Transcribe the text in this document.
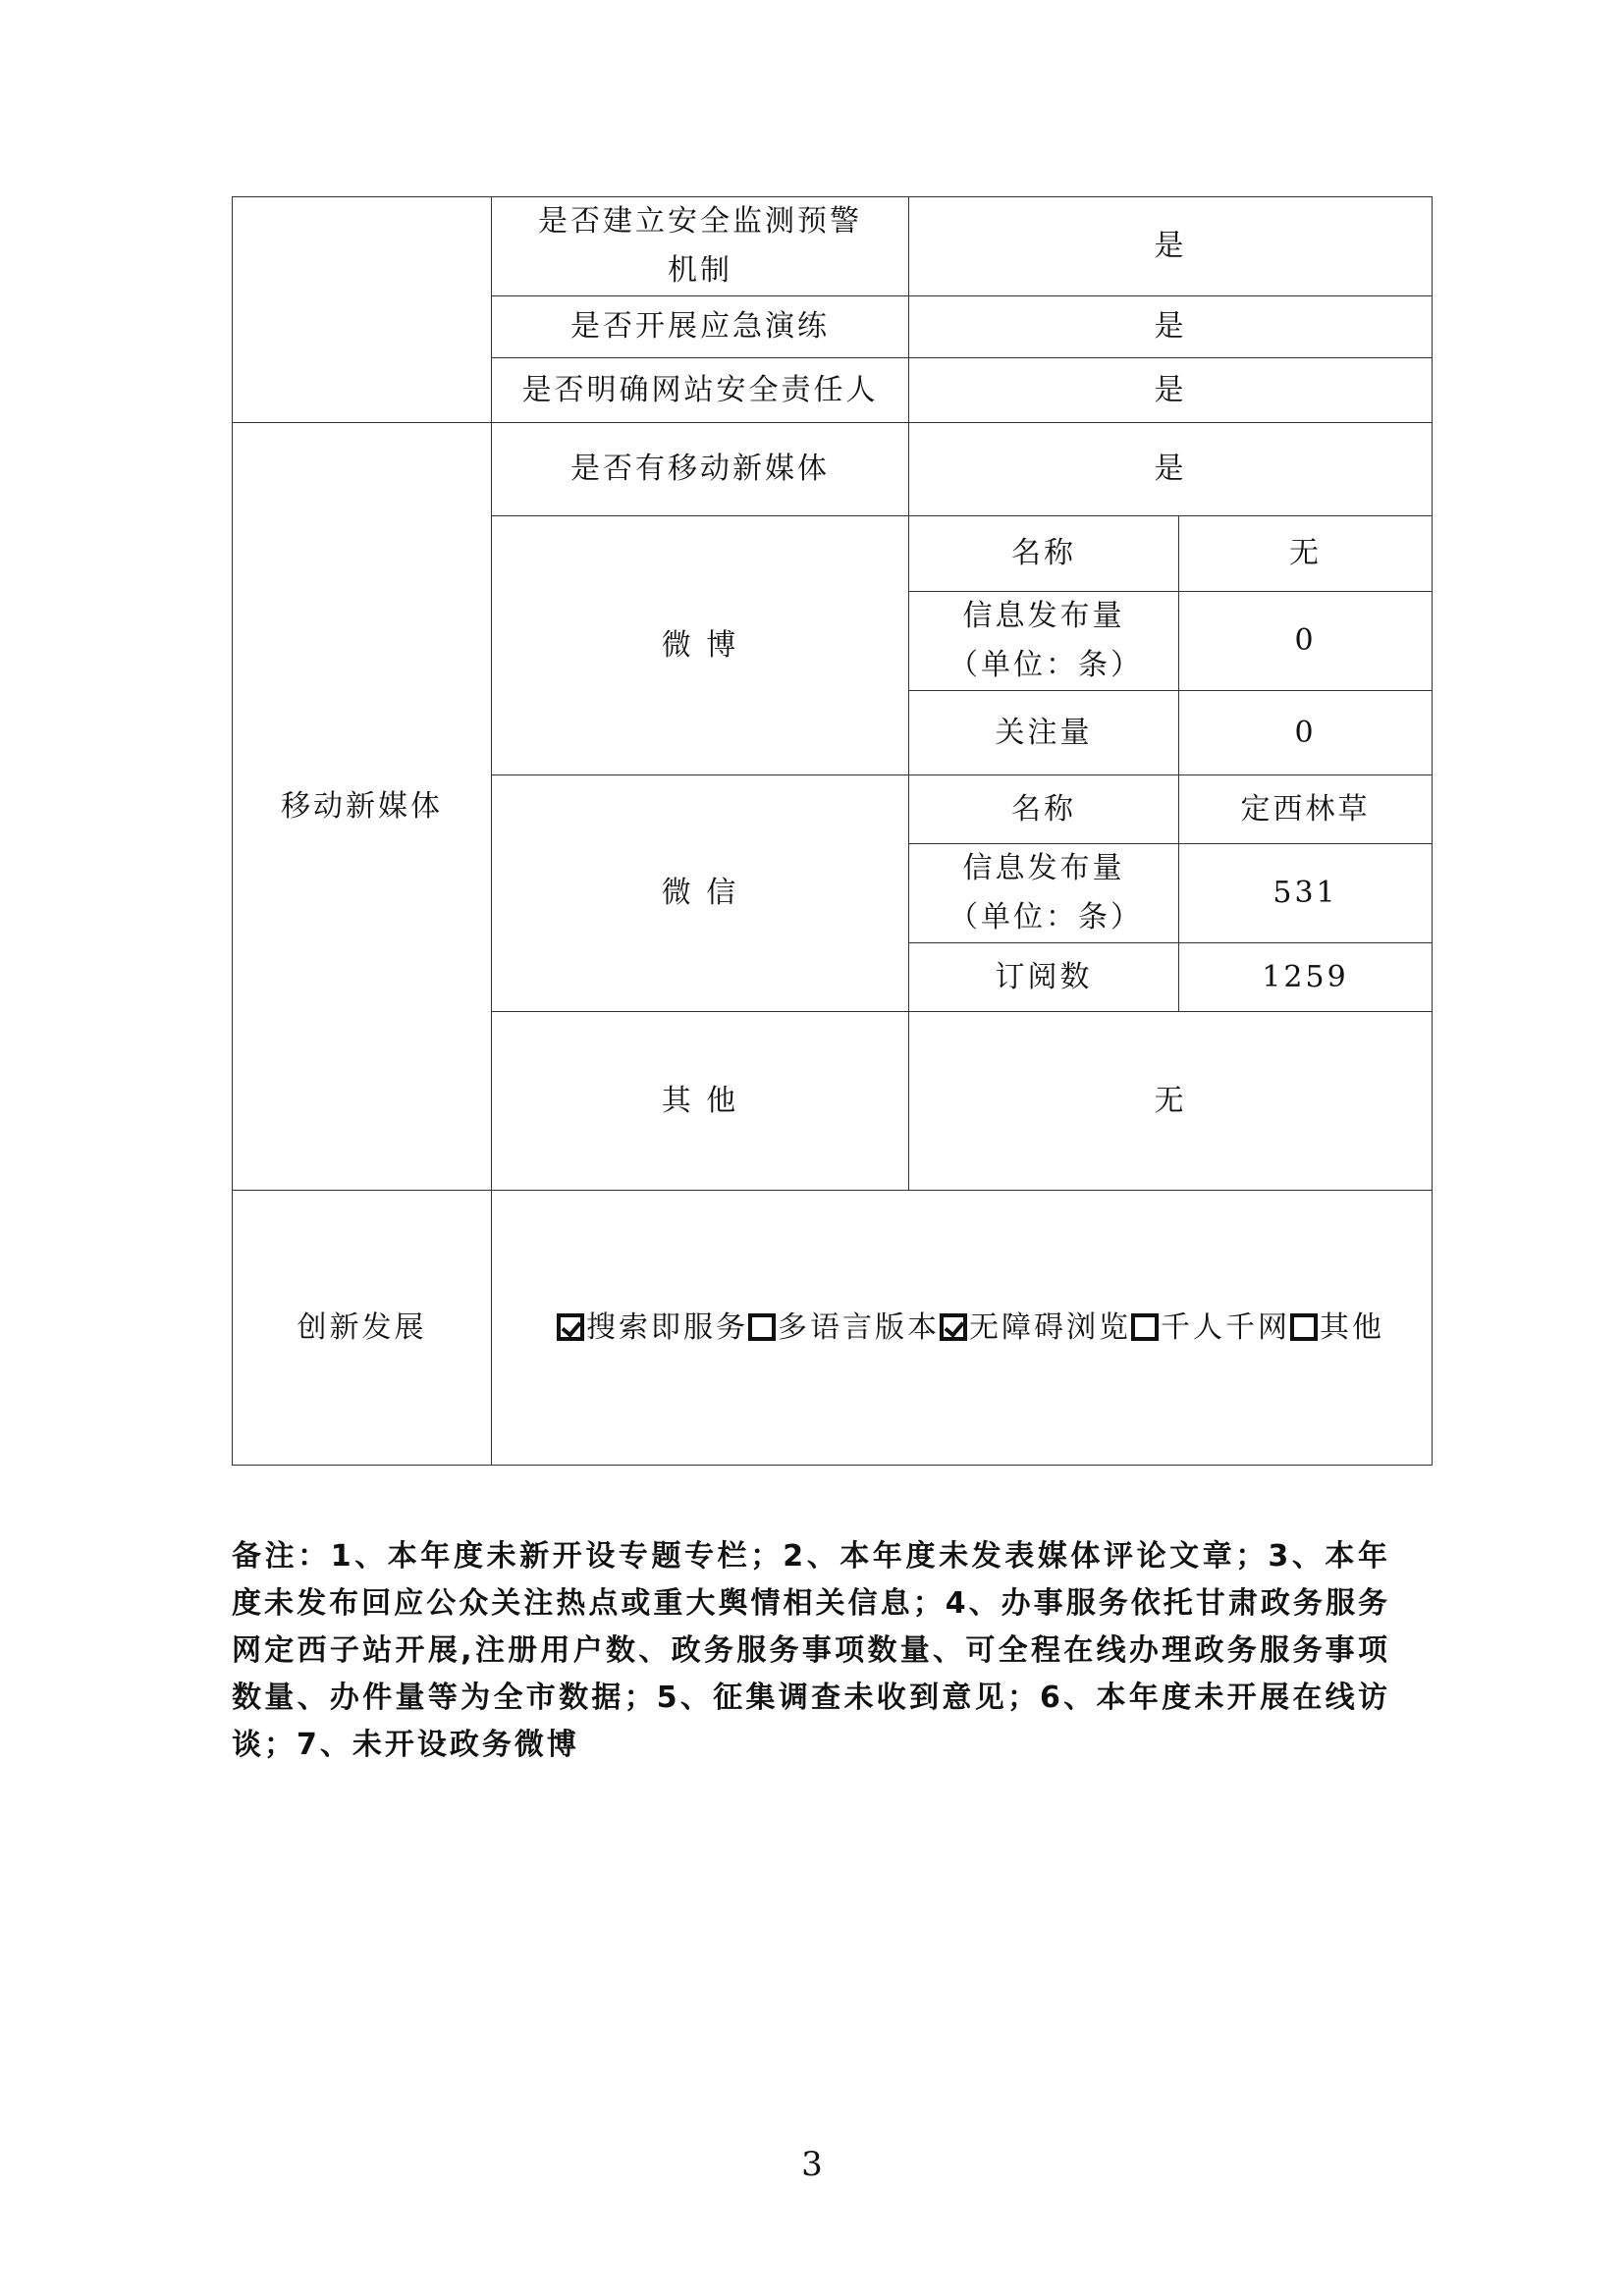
	是否建立安全监测预警机制	是	
	是否开展应急演练	是	
	是否明确网站安全责任人	是	
移动新媒体	是否有移动新媒体	是	
	微 博	名称	无
		信息发布量（单位：条）	0
		关注量	0
	微 信	名称	定西林草
		信息发布量（单位：条）	531
		订阅数	1259
	其 他	无	
创新发展	搜索即服务 多语言版本 无障碍浏览 千人千网 其他		
备注：1、本年度未新开设专题专栏；2、本年度未发表媒体评论文章；3、本年度未发布回应公众关注热点或重大舆情相关信息；4、办事服务依托甘肃政务服务网定西子站开展,注册用户数、政务服务事项数量、可全程在线办理政务服务事项数量、办件量等为全市数据；5、征集调查未收到意见；6、本年度未开展在线访谈；7、未开设政务微博
3
